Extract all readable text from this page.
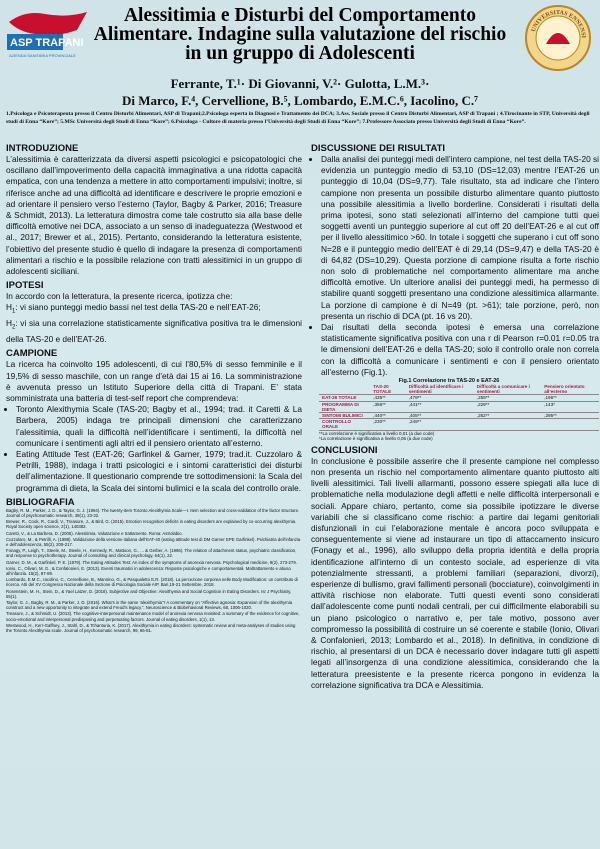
ASP TRAPANI
AZIENDA SANITARIA PROVINCIALE
Alessitimia e Disturbi del Comportamento Alimentare. Indagine sulla valutazione del rischio in un gruppo di Adolescenti
UNIVERSITAS ENNENSI
Ferrante, T.¹· Di Giovanni, V.²· Gulotta, L.M.³·
Di Marco, F.⁴, Cervellione, B.⁵, Lombardo, E.M.C.⁶, Iacolino, C.⁷
1.Psicologa e Psicoterapeuta presso il Centro Disturbi Alimentari, ASP di Trapani;2.Psicologa esperta in Diagnosi e Trattamento dei DCA; 3.Ass. Sociale presso il Centro Disturbi Alimentari, ASP di Trapani ; 4.Tirocinante in STP, Università degli studi di Enna “Kore”; 5.MSc Università degli Studi di Enna “Kore”; 6.Psicologa - Cultore di materia presso l’Università degli Studi di Enna “Kore”; 7.Professore Associato presso Università degli Studi di Enna “Kore”.
INTRODUZIONE

L’alessitimia è caratterizzata da diversi aspetti psicologici e psicopatologici che oscillano dall’impoverimento della capacità immaginativa a una ridotta capacità empatica, con una tendenza a mettere in atto comportamenti impulsivi; inoltre, si riferisce anche ad una difficoltà ad identificare e descrivere le proprie emozioni e ad orientare il pensiero verso l’esterno (Taylor, Bagby & Parker, 2016; Treasure & Schmidt, 2013). La letteratura dimostra come tale costrutto sia alla base delle difficoltà emotive nei DCA, associato a un senso di inadeguatezza (Westwood et al., 2017; Brewer et al., 2015). Pertanto, considerando la letteratura esistente, l’obiettivo del presente studio è quello di indagare la presenza di comportamenti alimentari a rischio e la possibile relazione con tratti alessitimici in un gruppo di adolescenti siciliani.

IPOTESI

In accordo con la letteratura, la presente ricerca, ipotizza che:

$H_1$: vi siano punteggi medio bassi nel test della TAS-20 e nell’EAT-26;

$H_2$: vi sia una correlazione statisticamente significativa positiva tra le dimensioni della TAS-20 e dell’EAT-26.

CAMPIONE

La ricerca ha coinvolto 195 adolescenti, di cui l’80,5% di sesso femminile e il 19,5% di sesso maschile, con un range d’età dai 15 ai 16. La somministrazione è avvenuta presso un Istituto Superiore della città di Trapani. E’ stata somministrata una batteria di test-self report che comprendeva:

• Toronto Alexithymia Scale (TAS-20; Bagby et al., 1994; trad. it Caretti & La Barbera, 2005) indaga tre principali dimensioni che caratterizzano l’alessitimia, quali la difficoltà nell’identificare i sentimenti, la difficoltà nel comunicare i sentimenti agli altri ed il pensiero orientato all’esterno.
• Eating Attitude Test (EAT-26; Garfinkel & Garner, 1979; trad.it. Cuzzolaro & Petrilli, 1988), indaga i tratti psicologici e i sintomi caratteristici dei disturbi dell’alimentazione. Il questionario comprende tre sottodimensioni: la Scala del programma di dieta, la Scala dei sintomi bulimici e la scala del controllo orale.
BIBLIOGRAFIA

Bagby, R. M., Parker, J. D., & Taylor, G. J. (1994). The twenty-item Toronto Alexithymia Scale—I. Item selection and cross-validation of the factor structure. Journal of psychosomatic research, 38(1), 23-32.

Brewer, R., Cook, R., Cardi, V., Treasure, J., & Bird, G. (2015). Emotion recognition deficits in eating disorders are explained by co-occurring alexithymia. Royal Society open science, 2(1), 140382.

Caretti, V., & La Barbera, D. (2005). Alessitimia. Valutazione e trattamento. Roma: Astrolabio.

Cuzzolaro, M., & Petrilli, A. (1988). Validazione della versione italiana dell’EAT-40 (eating attitude test di DM Garner EPE Garfinkel). Psichiatria dell’infanzia e dell’adolescenza, 55(2), 209-217.

Fonagy, P., Leigh, T., Steele, M., Steele, H., Kennedy, R., Mattoon, G., ... & Gerber, A. (1996). The relation of attachment status, psychiatric classification, and response to psychotherapy. Journal of consulting and clinical psychology, 64(1), 22.

Garner, D. M., & Garfinkel, P. E. (1979). The Eating Attitudes Test: An index of the symptoms of anorexia nervosa. Psychological medicine, 9(2), 273-279.

Ionio, C., Olivari, M. G., & Confalonieri, E. (2013). Eventi traumatici in adolescenza: Risposte psicologiche e comportamentali. Maltrattamento e abuso all’infanzia. 15(2), 87-89.

Lombardo, E.M.C., Iacolino, C., Cervellione, B., Mannino, G., & Pasqualetto E.R. (2018). La percezione corporea nelle Body Modification: un contributo di ricerca. Atti del XV Congresso Nazionale della Sezione di Psicologia Sociale AIP, Bari,19-21 Settembre, 2018.

Rosenstein, M. H., Stein, D., & Yael Latzer, D. (2018). Subjective and Objective: Alexithymia and Social Cognition in Eating Disorders. Isr J Psychiatry, 55(1).

Taylor, G. J., Bagby, R. M., & Parker, J. D. (2016). What’s in the name ‘alexithymia’? A commentary on “Affective agnosia: Expansion of the alexithymia construct and a new opportunity to integrate and extend Freud’s legacy.”. Neuroscience & Biobehavioral Reviews, 68, 1006-1020.

Treasure, J., & Schmidt, U. (2013). The cognitive-interpersonal maintenance model of anorexia nervosa revisited: a summary of the evidence for cognitive, socio-emotional and interpersonal predisposing and perpetuating factors. Journal of eating disorders, 1(1), 13.

Westwood, H., Kerr-Gaffney, J., Stahl, D., & Tchanturia, K. (2017). Alexithymia in eating disorders: systematic review and meta-analyses of studies using the Toronto Alexithymia scale. Journal of psychosomatic research, 99, 66-81.

DISCUSSIONE DEI RISULTATI
• Dalla analisi dei punteggi medi dell’intero campione, nel test della TAS-20 si evidenzia un punteggio medio di 53,10 (DS=12,03) mentre l’EAT-26 un punteggio di 10,04 (DS=9,77). Tale risultato, sta ad indicare che l’intero campione non presenta un possibile disturbo alimentare quanto piuttosto una possibile alessitimia a livello borderline. Considerati i risultati della prima ipotesi, sono stati selezionati all’interno del campione tutti quei soggetti aventi un punteggio superiore al cut off 20 dell’EAT-26 e al cut off per il livello alessitimico >60. In totale i soggetti che superano i cut off sono N=28 e il punteggio medio dell’EAT è di 29,14 (DS=9,47) e della TAS-20 è di 64,82 (DS=10,29). Questa porzione di campione risulta a forte rischio non solo di problematiche nel comportamento alimentare ma anche difficoltà emotive. Un ulteriore analisi dei punteggi medi, ha permesso di stabilire quanti soggetti presentano una condizione alessitimica allarmante. La porzione di campione è di N=49 (pt. >61); tale porzione, però, non presenta un rischio di DCA (pt. 16 vs 20).
• Dai risultati della seconda ipotesi è emersa una correlazione statisticamente significativa positiva con una r di Pearson r=0.01 r=0.05 tra le dimensioni dell’EAT-26 e della TAS-20; solo il controllo orale non correla con la difficoltà a comunicare i sentimenti e con il pensiero orientato all’esterno (Fig.1).
Fig.1 Correlazione tra TAS-20 e EAT-26
	TAS-20 TOTALE	Difficoltà ad identificare i sentimenti	Difficoltà a comunicare i sentimenti	Pensiero orientato all’esterno
EAT-26 TOTALE	,435**	,479**	,259**	,196**
PROGRAMMA DI DIETA	,386**	,441**	,229**	,143*
SINTOMI BULIMICI	,440**	,405**	,262**	,295**
CONTROLLO ORALE	,230**	,249**		
**La correlazione è significativa a livello 0,01 (a due code)
*La correlazione è significativa a livello 0,05 (a due code)
CONCLUSIONI

In conclusione è possibile asserire che il presente campione nel complesso non presenta un rischio nel comportamento alimentare quanto piuttosto alti livelli alessitimici. Tali livelli allarmanti, possono essere spiegati alla luce di problematiche nella modulazione degli affetti e nelle difficoltà interpersonali e sociali. Appare chiaro, pertanto, come sia possibile ipotizzare le diverse variabili che si classificano come rischio: a partire dai legami genitoriali disfunzionali in cui l’elaborazione mentale è ancora poco sviluppata e conseguentemente si viene ad instaurare un tipo di attaccamento insicuro (Fonagy et al., 1996), allo sviluppo della propria identità e della propria identificazione all’interno di un contesto sociale, ad esperienze di vita potenzialmente stressanti, a problemi familiari (separazioni, divorzi), esperienze di bullismo, gravi fallimenti personali (bocciature), coinvolgimenti in attività rischiose non elaborate. Tutti questi eventi sono considerati dall’adolescente come punti nodali centrali, per cui difficilmente elaborabili su un piano psicologico o narrativo e, per tale motivo, possono aver compromesso la possibilità di costruire un sé coerente e stabile (Ionio, Olivari & Confalonieri, 2013; Lombardo et al., 2018). In definitiva, in condizione di rischio, al presentarsi di un DCA è necessario dover indagare tutti gli aspetti legati all’insorgenza di una condizione alessitimica, considerando che la letteratura preesistente e la presente ricerca pongono in evidenza la correlazione significativa tra DCA e Alessitimia.
